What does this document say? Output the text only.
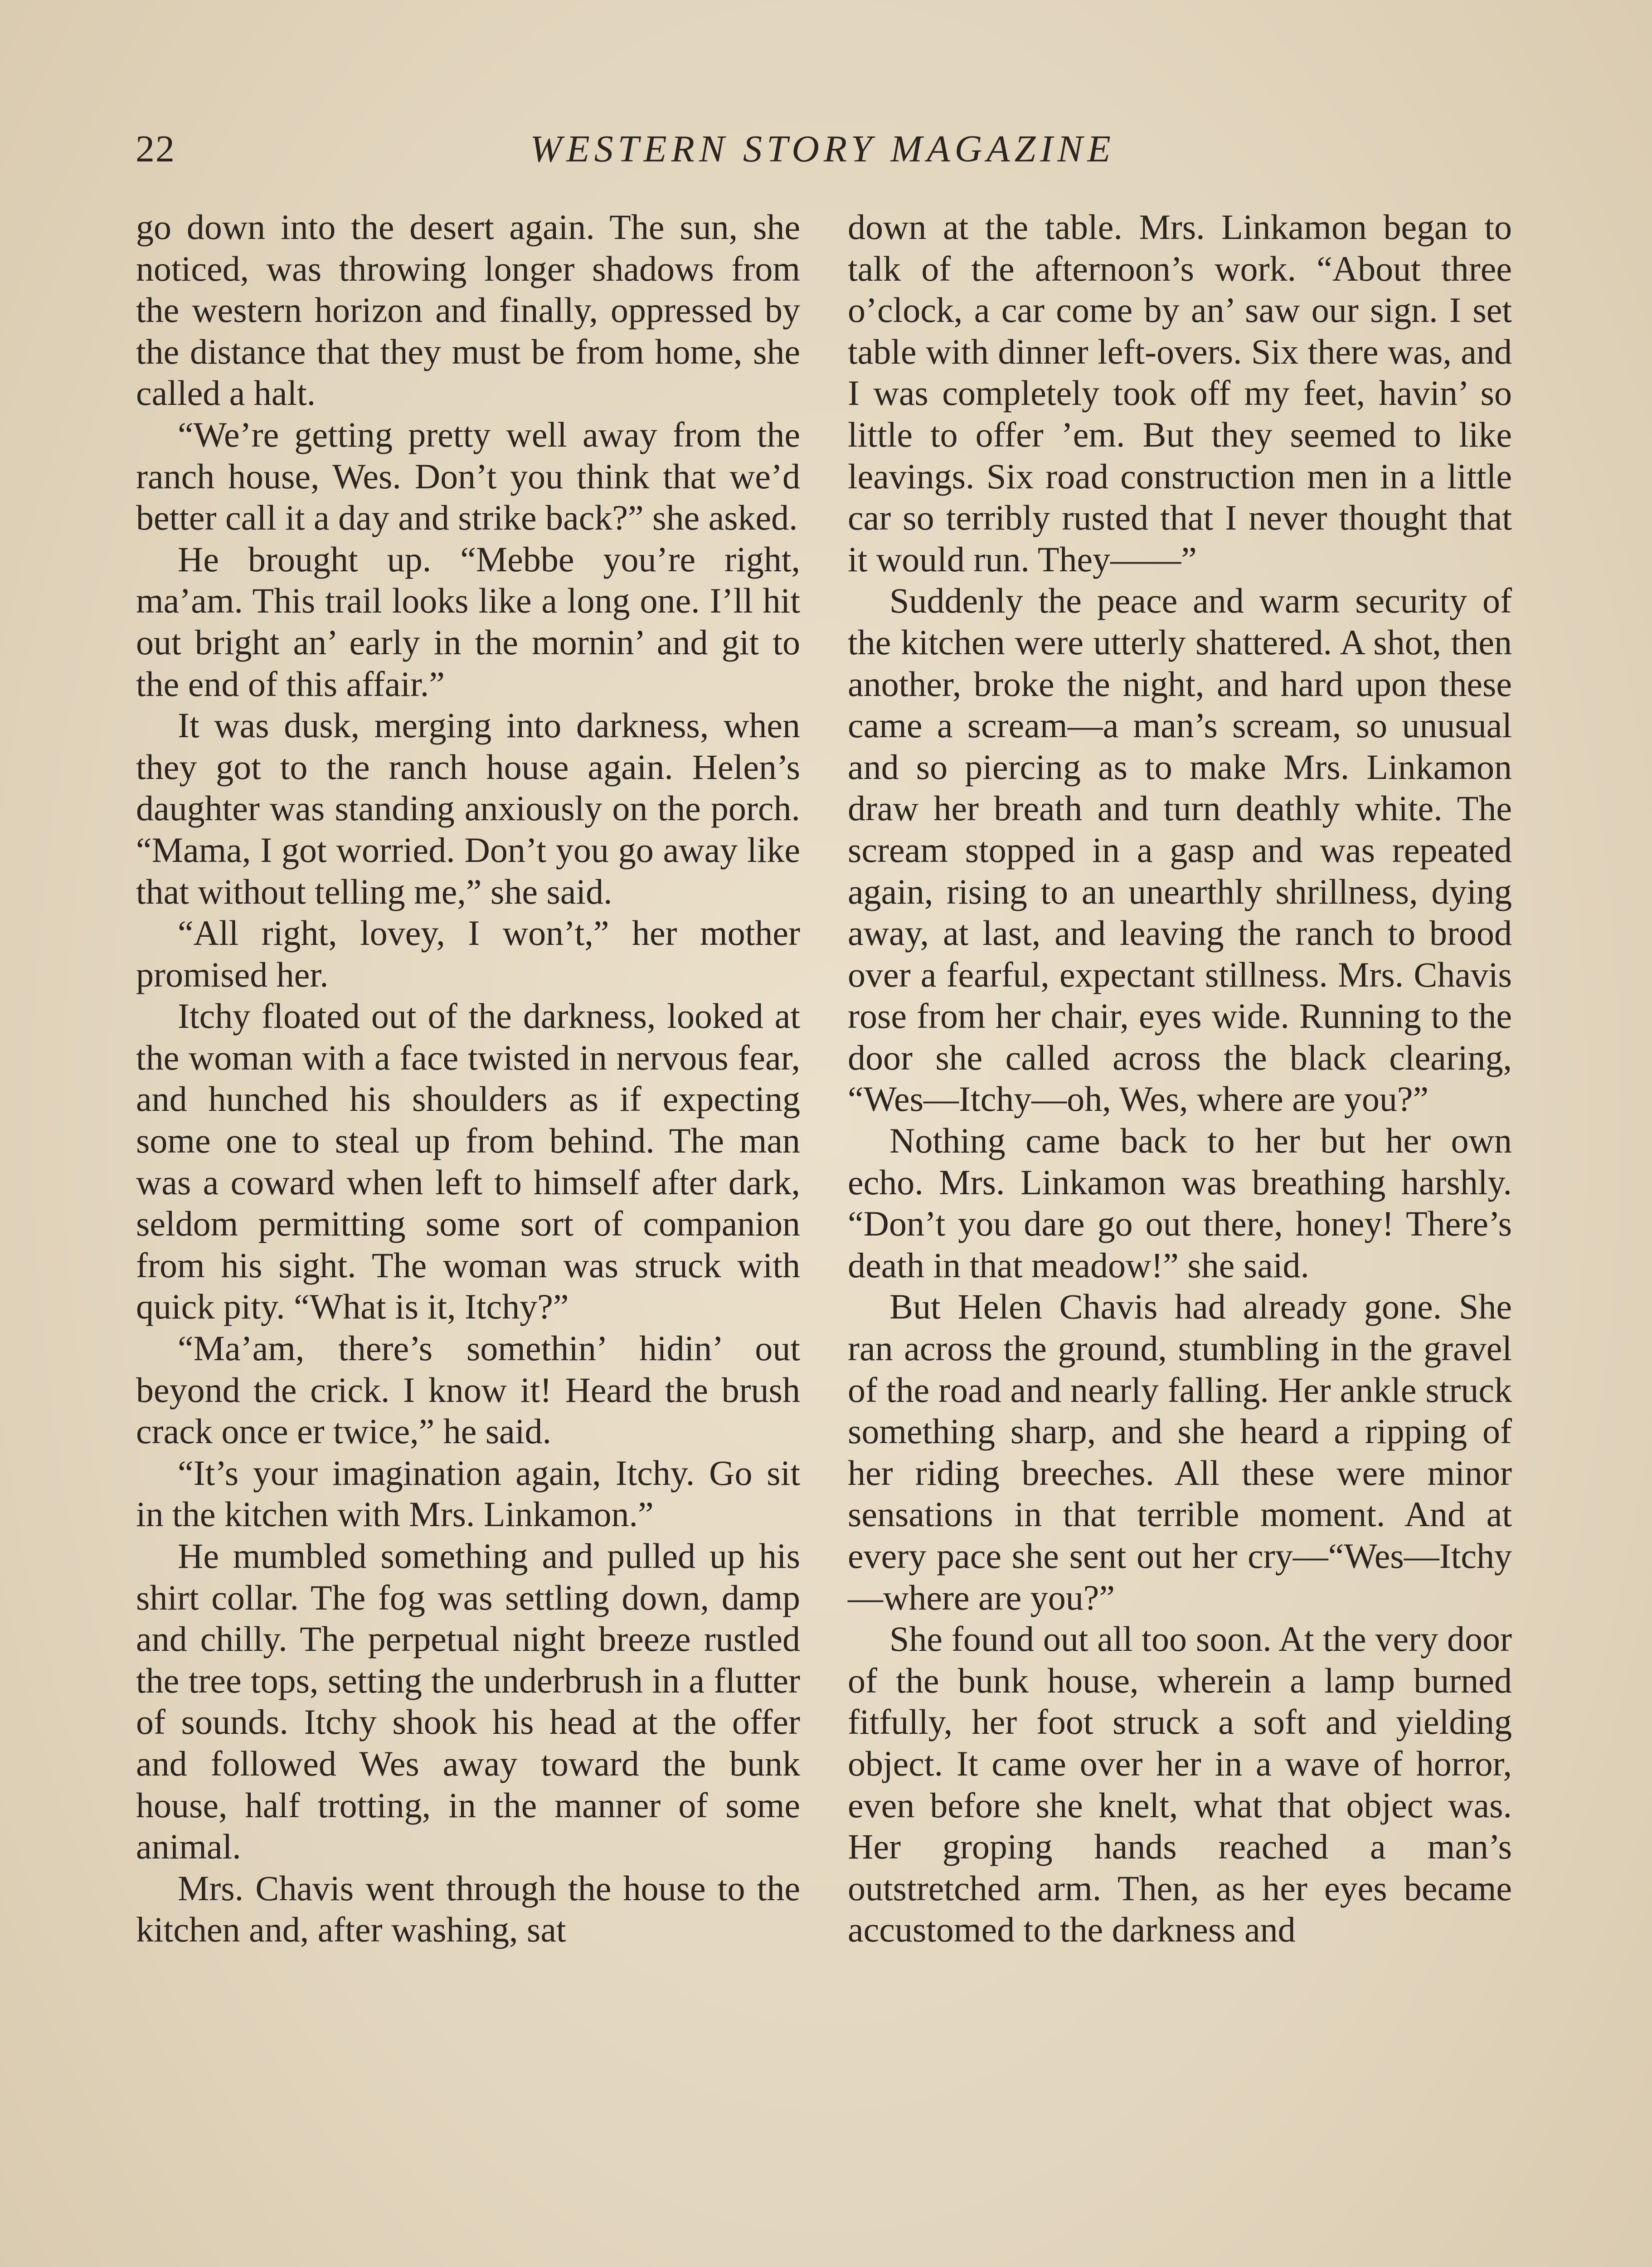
22	WESTERN STORY MAGAZINE

go down into the desert again. The sun, she noticed, was throwing longer shadows from the western horizon and finally, oppressed by the distance that they must be from home, she called a halt.

“We’re getting pretty well away from the ranch house, Wes. Don’t you think that we’d better call it a day and strike back?” she asked.

He brought up. “Mebbe you’re right, ma’am. This trail looks like a long one. I’ll hit out bright an’ early in the mornin’ and git to the end of this affair.”

It was dusk, merging into darkness, when they got to the ranch house again. Helen’s daughter was standing anxiously on the porch. “Mama, I got worried. Don’t you go away like that without telling me,” she said.

“All right, lovey, I won’t,” her mother promised her.

Itchy floated out of the darkness, looked at the woman with a face twisted in nervous fear, and hunched his shoulders as if expecting some one to steal up from behind. The man was a coward when left to himself after dark, seldom permitting some sort of companion from his sight. The woman was struck with quick pity. “What is it, Itchy?”

“Ma’am, there’s somethin’ hidin’ out beyond the crick. I know it! Heard the brush crack once er twice,” he said.

“It’s your imagination again, Itchy. Go sit in the kitchen with Mrs. Linkamon.”

He mumbled something and pulled up his shirt collar. The fog was settling down, damp and chilly. The perpetual night breeze rustled the tree tops, setting the underbrush in a flutter of sounds. Itchy shook his head at the offer and followed Wes away toward the bunk house, half trotting, in the manner of some animal.

Mrs. Chavis went through the house to the kitchen and, after washing, sat

down at the table. Mrs. Linkamon began to talk of the afternoon’s work. “About three o’clock, a car come by an’ saw our sign. I set table with dinner left-overs. Six there was, and I was completely took off my feet, havin’ so little to offer ’em. But they seemed to like leavings. Six road construction men in a little car so terribly rusted that I never thought that it would run. They——”

Suddenly the peace and warm security of the kitchen were utterly shattered. A shot, then another, broke the night, and hard upon these came a scream—a man’s scream, so unusual and so piercing as to make Mrs. Linkamon draw her breath and turn deathly white. The scream stopped in a gasp and was repeated again, rising to an unearthly shrillness, dying away, at last, and leaving the ranch to brood over a fearful, expectant stillness. Mrs. Chavis rose from her chair, eyes wide. Running to the door she called across the black clearing, “Wes—Itchy—oh, Wes, where are you?”

Nothing came back to her but her own echo. Mrs. Linkamon was breathing harshly. “Don’t you dare go out there, honey! There’s death in that meadow!” she said.

But Helen Chavis had already gone. She ran across the ground, stumbling in the gravel of the road and nearly falling. Her ankle struck something sharp, and she heard a ripping of her riding breeches. All these were minor sensations in that terrible moment. And at every pace she sent out her cry—“Wes—Itchy—where are you?”

She found out all too soon. At the very door of the bunk house, wherein a lamp burned fitfully, her foot struck a soft and yielding object. It came over her in a wave of horror, even before she knelt, what that object was. Her groping hands reached a man’s outstretched arm. Then, as her eyes became accustomed to the darkness and
